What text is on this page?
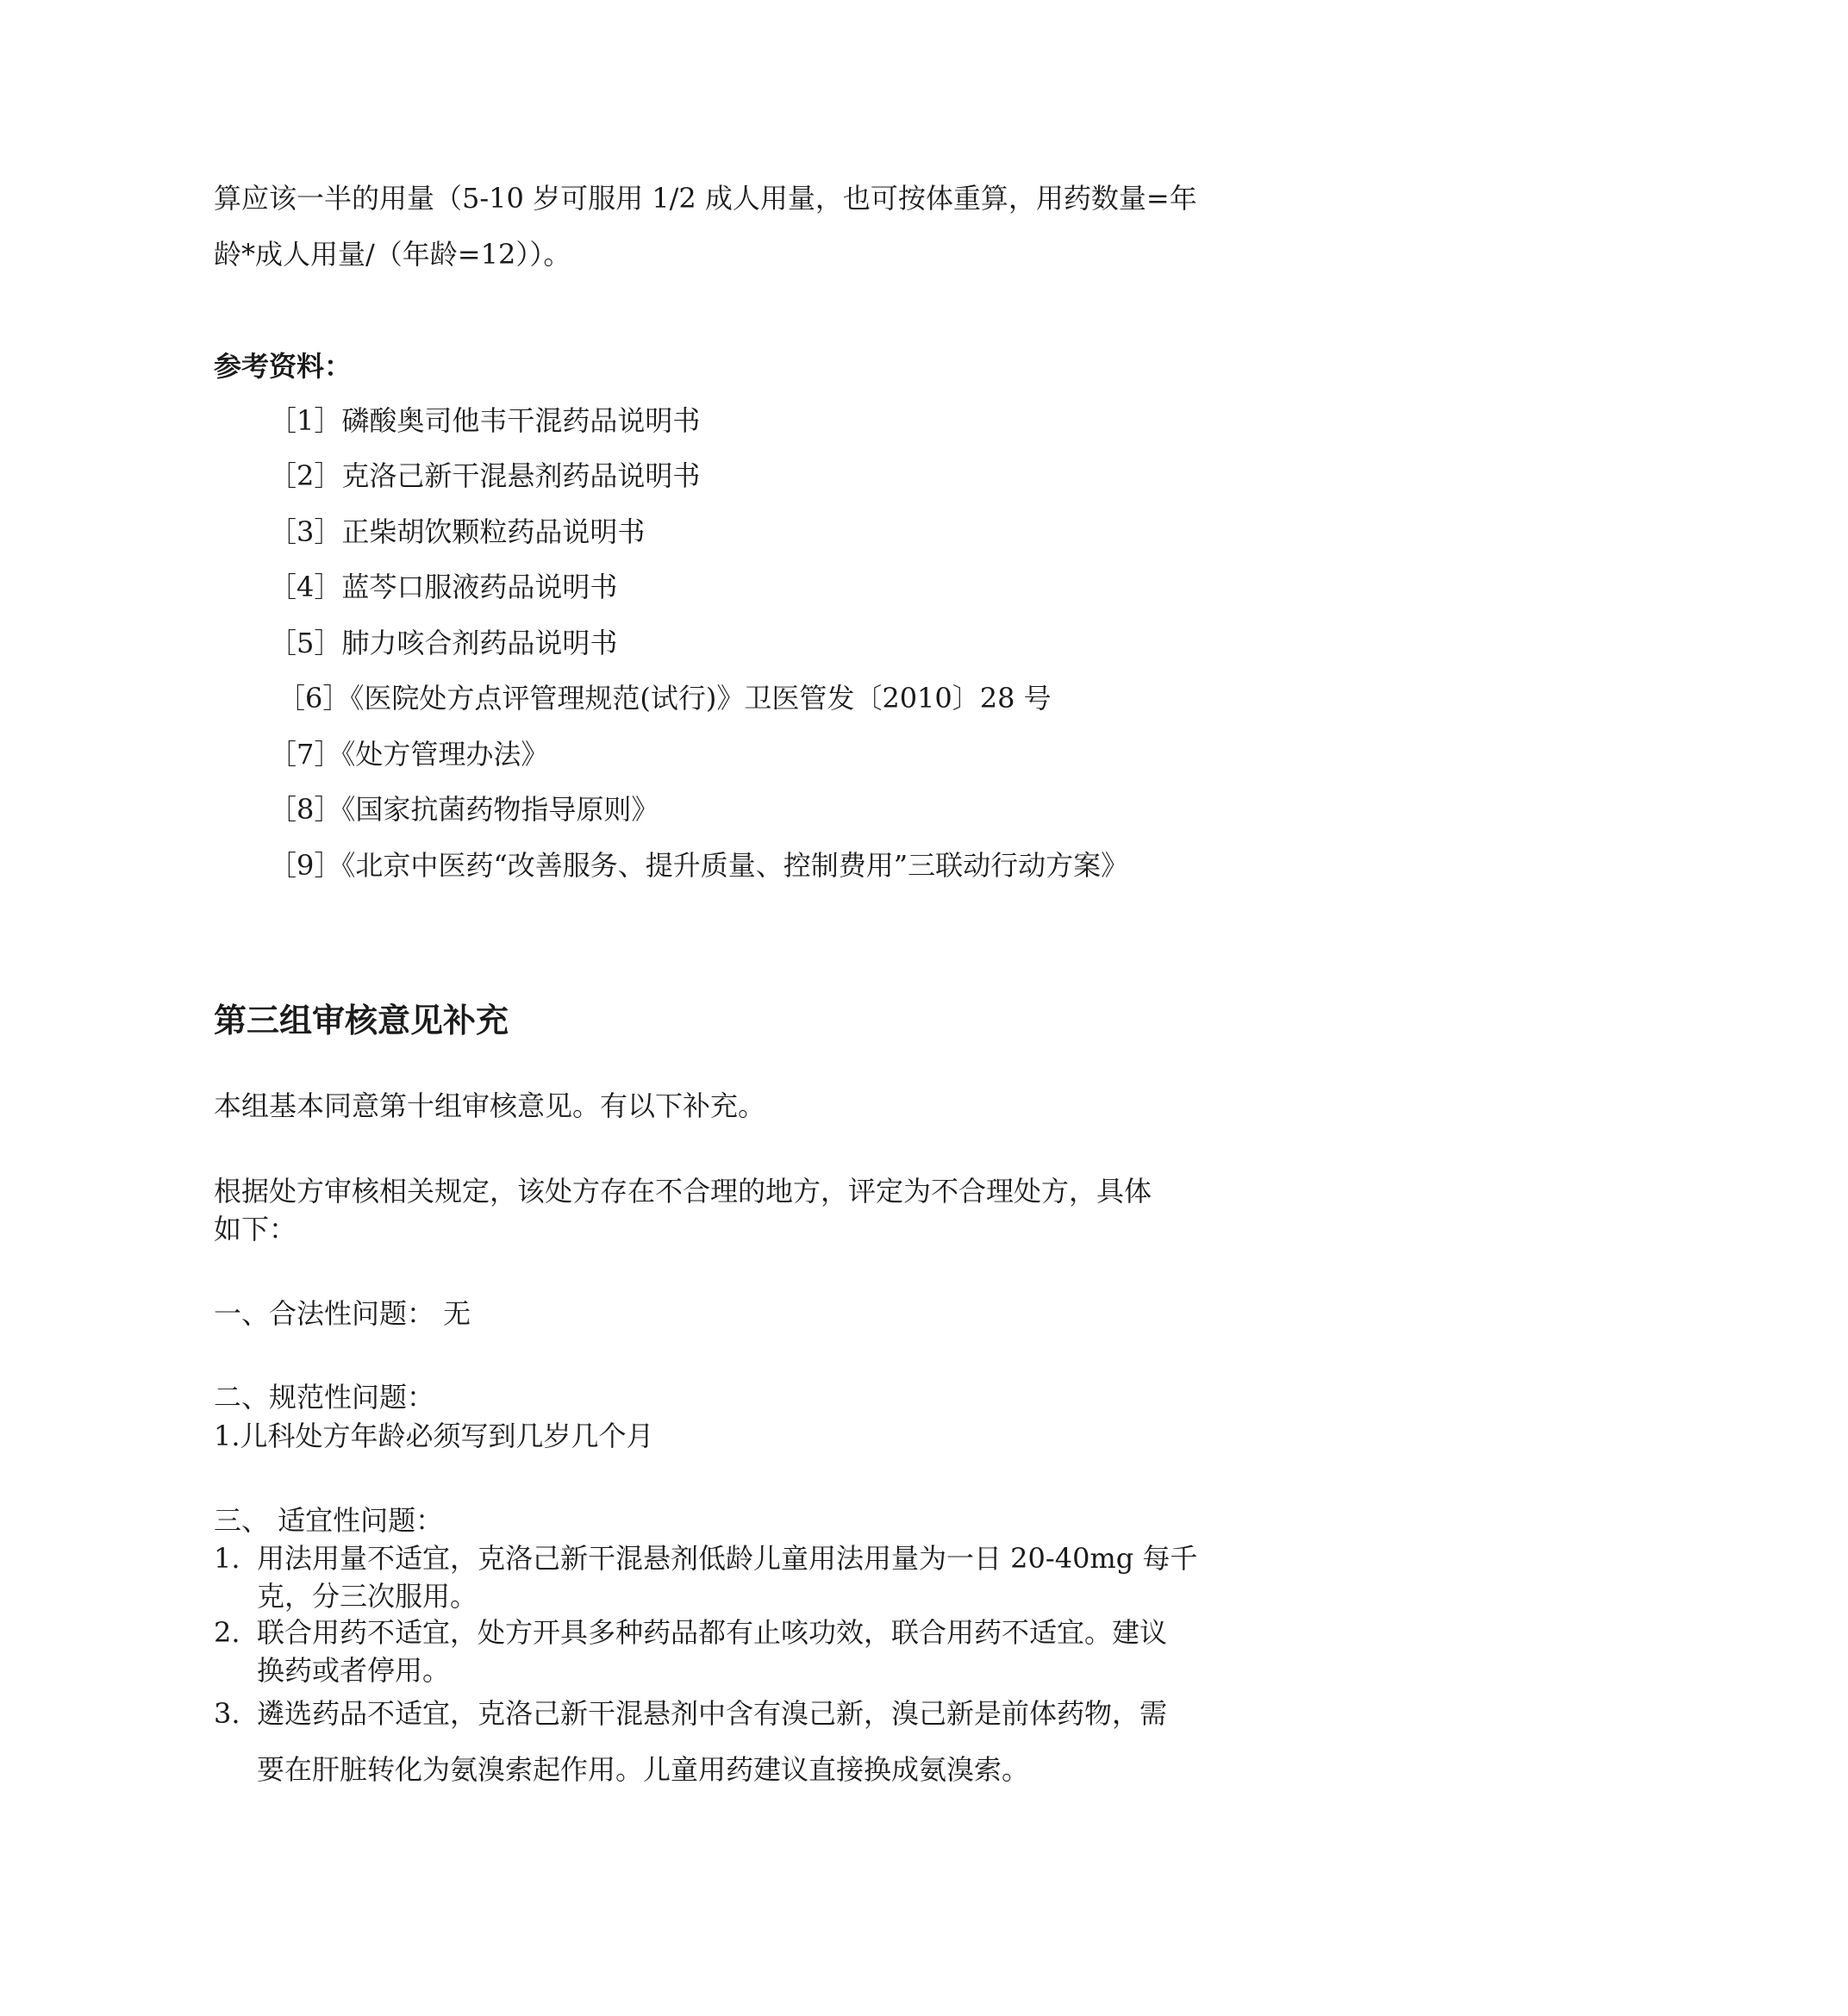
算应该一半的用量（5-10 岁可服用 1/2 成人用量，也可按体重算，用药数量=年
龄*成人用量/（年龄=12））。
参考资料：
［1］磷酸奥司他韦干混药品说明书
［2］克洛己新干混悬剂药品说明书
［3］正柴胡饮颗粒药品说明书
［4］蓝芩口服液药品说明书
［5］肺力咳合剂药品说明书
［6］《医院处方点评管理规范(试行)》卫医管发〔2010〕28 号
［7］《处方管理办法》
［8］《国家抗菌药物指导原则》
［9］《北京中医药“改善服务、提升质量、控制费用”三联动行动方案》
第三组审核意见补充
本组基本同意第十组审核意见。有以下补充。
根据处方审核相关规定，该处方存在不合理的地方，评定为不合理处方，具体
如下：
一、合法性问题： 无
二、规范性问题：
1.儿科处方年龄必须写到几岁几个月
三、 适宜性问题：
1. 用法用量不适宜，克洛己新干混悬剂低龄儿童用法用量为一日 20-40mg 每千
克，分三次服用。
2. 联合用药不适宜，处方开具多种药品都有止咳功效，联合用药不适宜。建议
换药或者停用。
3. 遴选药品不适宜，克洛己新干混悬剂中含有溴己新，溴己新是前体药物，需
要在肝脏转化为氨溴索起作用。儿童用药建议直接换成氨溴索。
